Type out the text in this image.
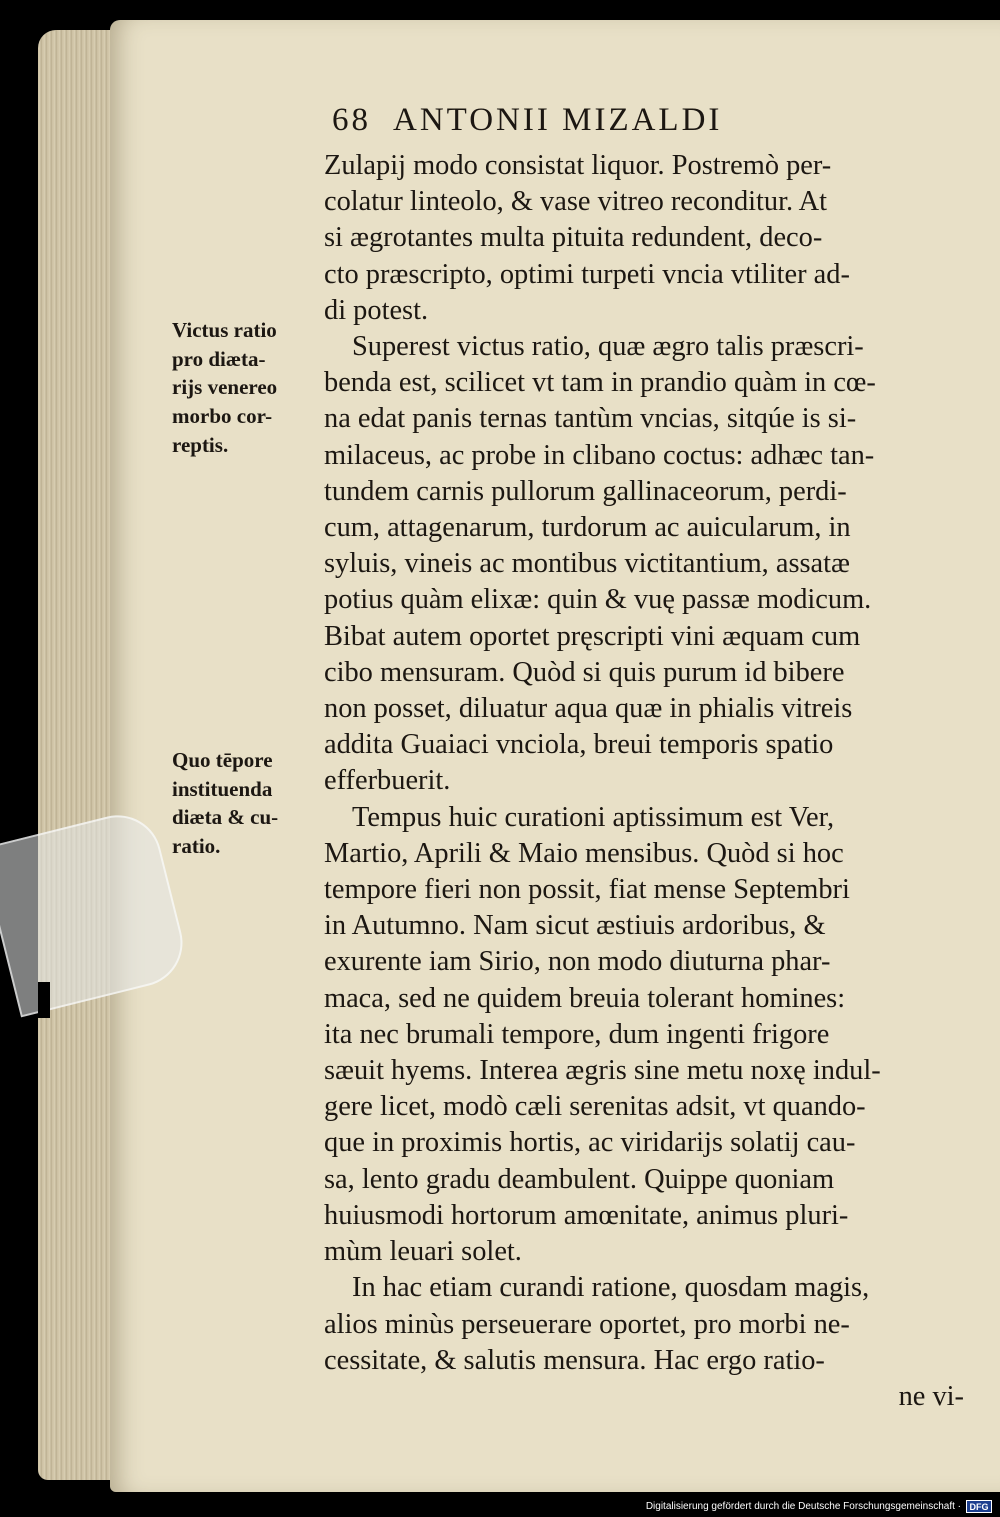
68 ANTONII MIZALDI
Victus ratio
pro diæta-
rijs venereo
morbo cor-
reptis.
Quo tēpore
instituenda
diæta & cu-
ratio.
Zulapij modo consistat liquor. Postremò per-
colatur linteolo, & vase vitreo reconditur. At
si ægrotantes multa pituita redundent, deco-
cto præscripto, optimi turpeti vncia vtiliter ad-
di potest.
Superest victus ratio, quæ ægro talis præscri-
benda est, scilicet vt tam in prandio quàm in cœ-
na edat panis ternas tantùm vncias, sitqúe is si-
milaceus, ac probe in clibano coctus: adhæc tan-
tundem carnis pullorum gallinaceorum, perdi-
cum, attagenarum, turdorum ac auicularum, in
syluis, vineis ac montibus victitantium, assatæ
potius quàm elixæ: quin & vuę passæ modicum.
Bibat autem oportet pręscripti vini æquam cum
cibo mensuram. Quòd si quis purum id bibere
non posset, diluatur aqua quæ in phialis vitreis
addita Guaiaci vnciola, breui temporis spatio
efferbuerit.
Tempus huic curationi aptissimum est Ver,
Martio, Aprili & Maio mensibus. Quòd si hoc
tempore fieri non possit, fiat mense Septembri
in Autumno. Nam sicut æstiuis ardoribus, &
exurente iam Sirio, non modo diuturna phar-
maca, sed ne quidem breuia tolerant homines:
ita nec brumali tempore, dum ingenti frigore
sæuit hyems. Interea ægris sine metu noxę indul-
gere licet, modò cæli serenitas adsit, vt quando-
que in proximis hortis, ac viridarijs solatij cau-
sa, lento gradu deambulent. Quippe quoniam
huiusmodi hortorum amœnitate, animus pluri-
mùm leuari solet.
In hac etiam curandi ratione, quosdam magis,
alios minùs perseuerare oportet, pro morbi ne-
cessitate, & salutis mensura. Hac ergo ratio-
ne vi-
Digitalisierung gefördert durch die Deutsche Forschungsgemeinschaft · DFG
